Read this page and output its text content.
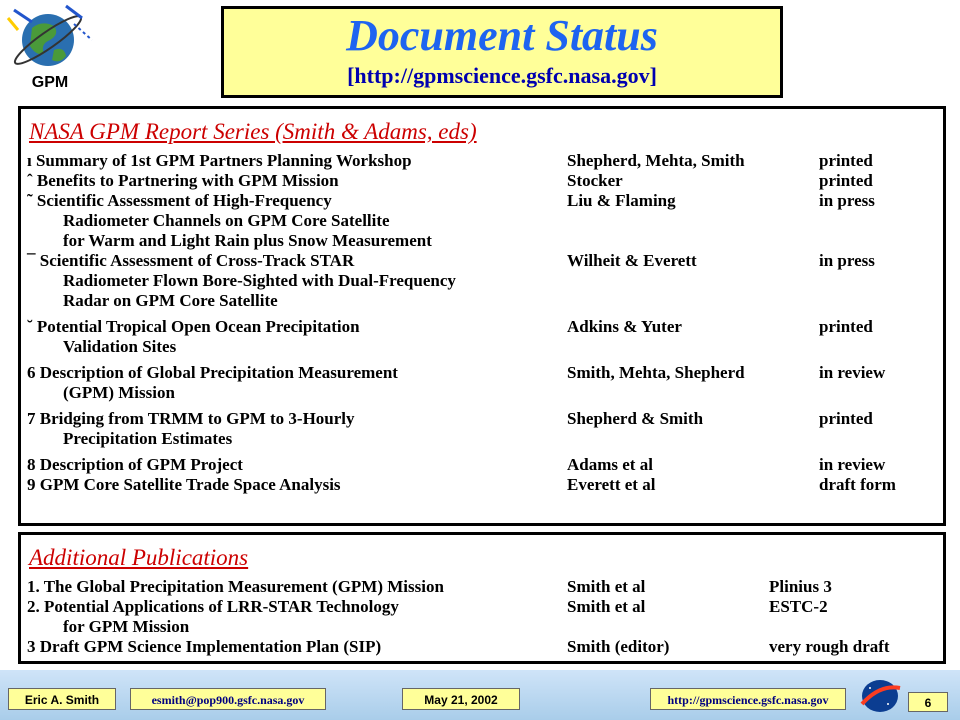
GPM
Document Status
[http://gpmscience.gsfc.nasa.gov]
NASA GPM Report Series (Smith & Adams, eds)
ı Summary of 1st GPM Partners Planning Workshop	Shepherd, Mehta, Smith	printed
ˆ Benefits to Partnering with GPM Mission	Stocker	printed
˜ Scientific Assessment of High-Frequency
Radiometer Channels on GPM Core Satellite
for Warm and Light Rain plus Snow Measurement
Liu & Flaming	in press
¯ Scientific Assessment of Cross-Track STAR
Radiometer Flown Bore-Sighted with Dual-Frequency
Radar on GPM Core Satellite
Wilheit & Everett	in press
˘ Potential Tropical Open Ocean Precipitation
Validation Sites
Adkins & Yuter	printed
6 Description of Global Precipitation Measurement
(GPM) Mission
Smith, Mehta, Shepherd	in review
7 Bridging from TRMM to GPM to 3-Hourly
Precipitation Estimates
Shepherd & Smith	printed
8 Description of GPM Project	Adams et al	in review
9 GPM Core Satellite Trade Space Analysis	Everett et al	draft form
Additional Publications
1. The Global Precipitation Measurement (GPM) Mission	Smith et al	Plinius 3
2. Potential Applications of LRR-STAR Technology
for GPM Mission
Smith et al	ESTC-2
3 Draft GPM Science Implementation Plan (SIP)	Smith (editor)	very rough draft
Eric A. Smith	esmith@pop900.gsfc.nasa.gov	May 21, 2002	http://gpmscience.gsfc.nasa.gov	6
